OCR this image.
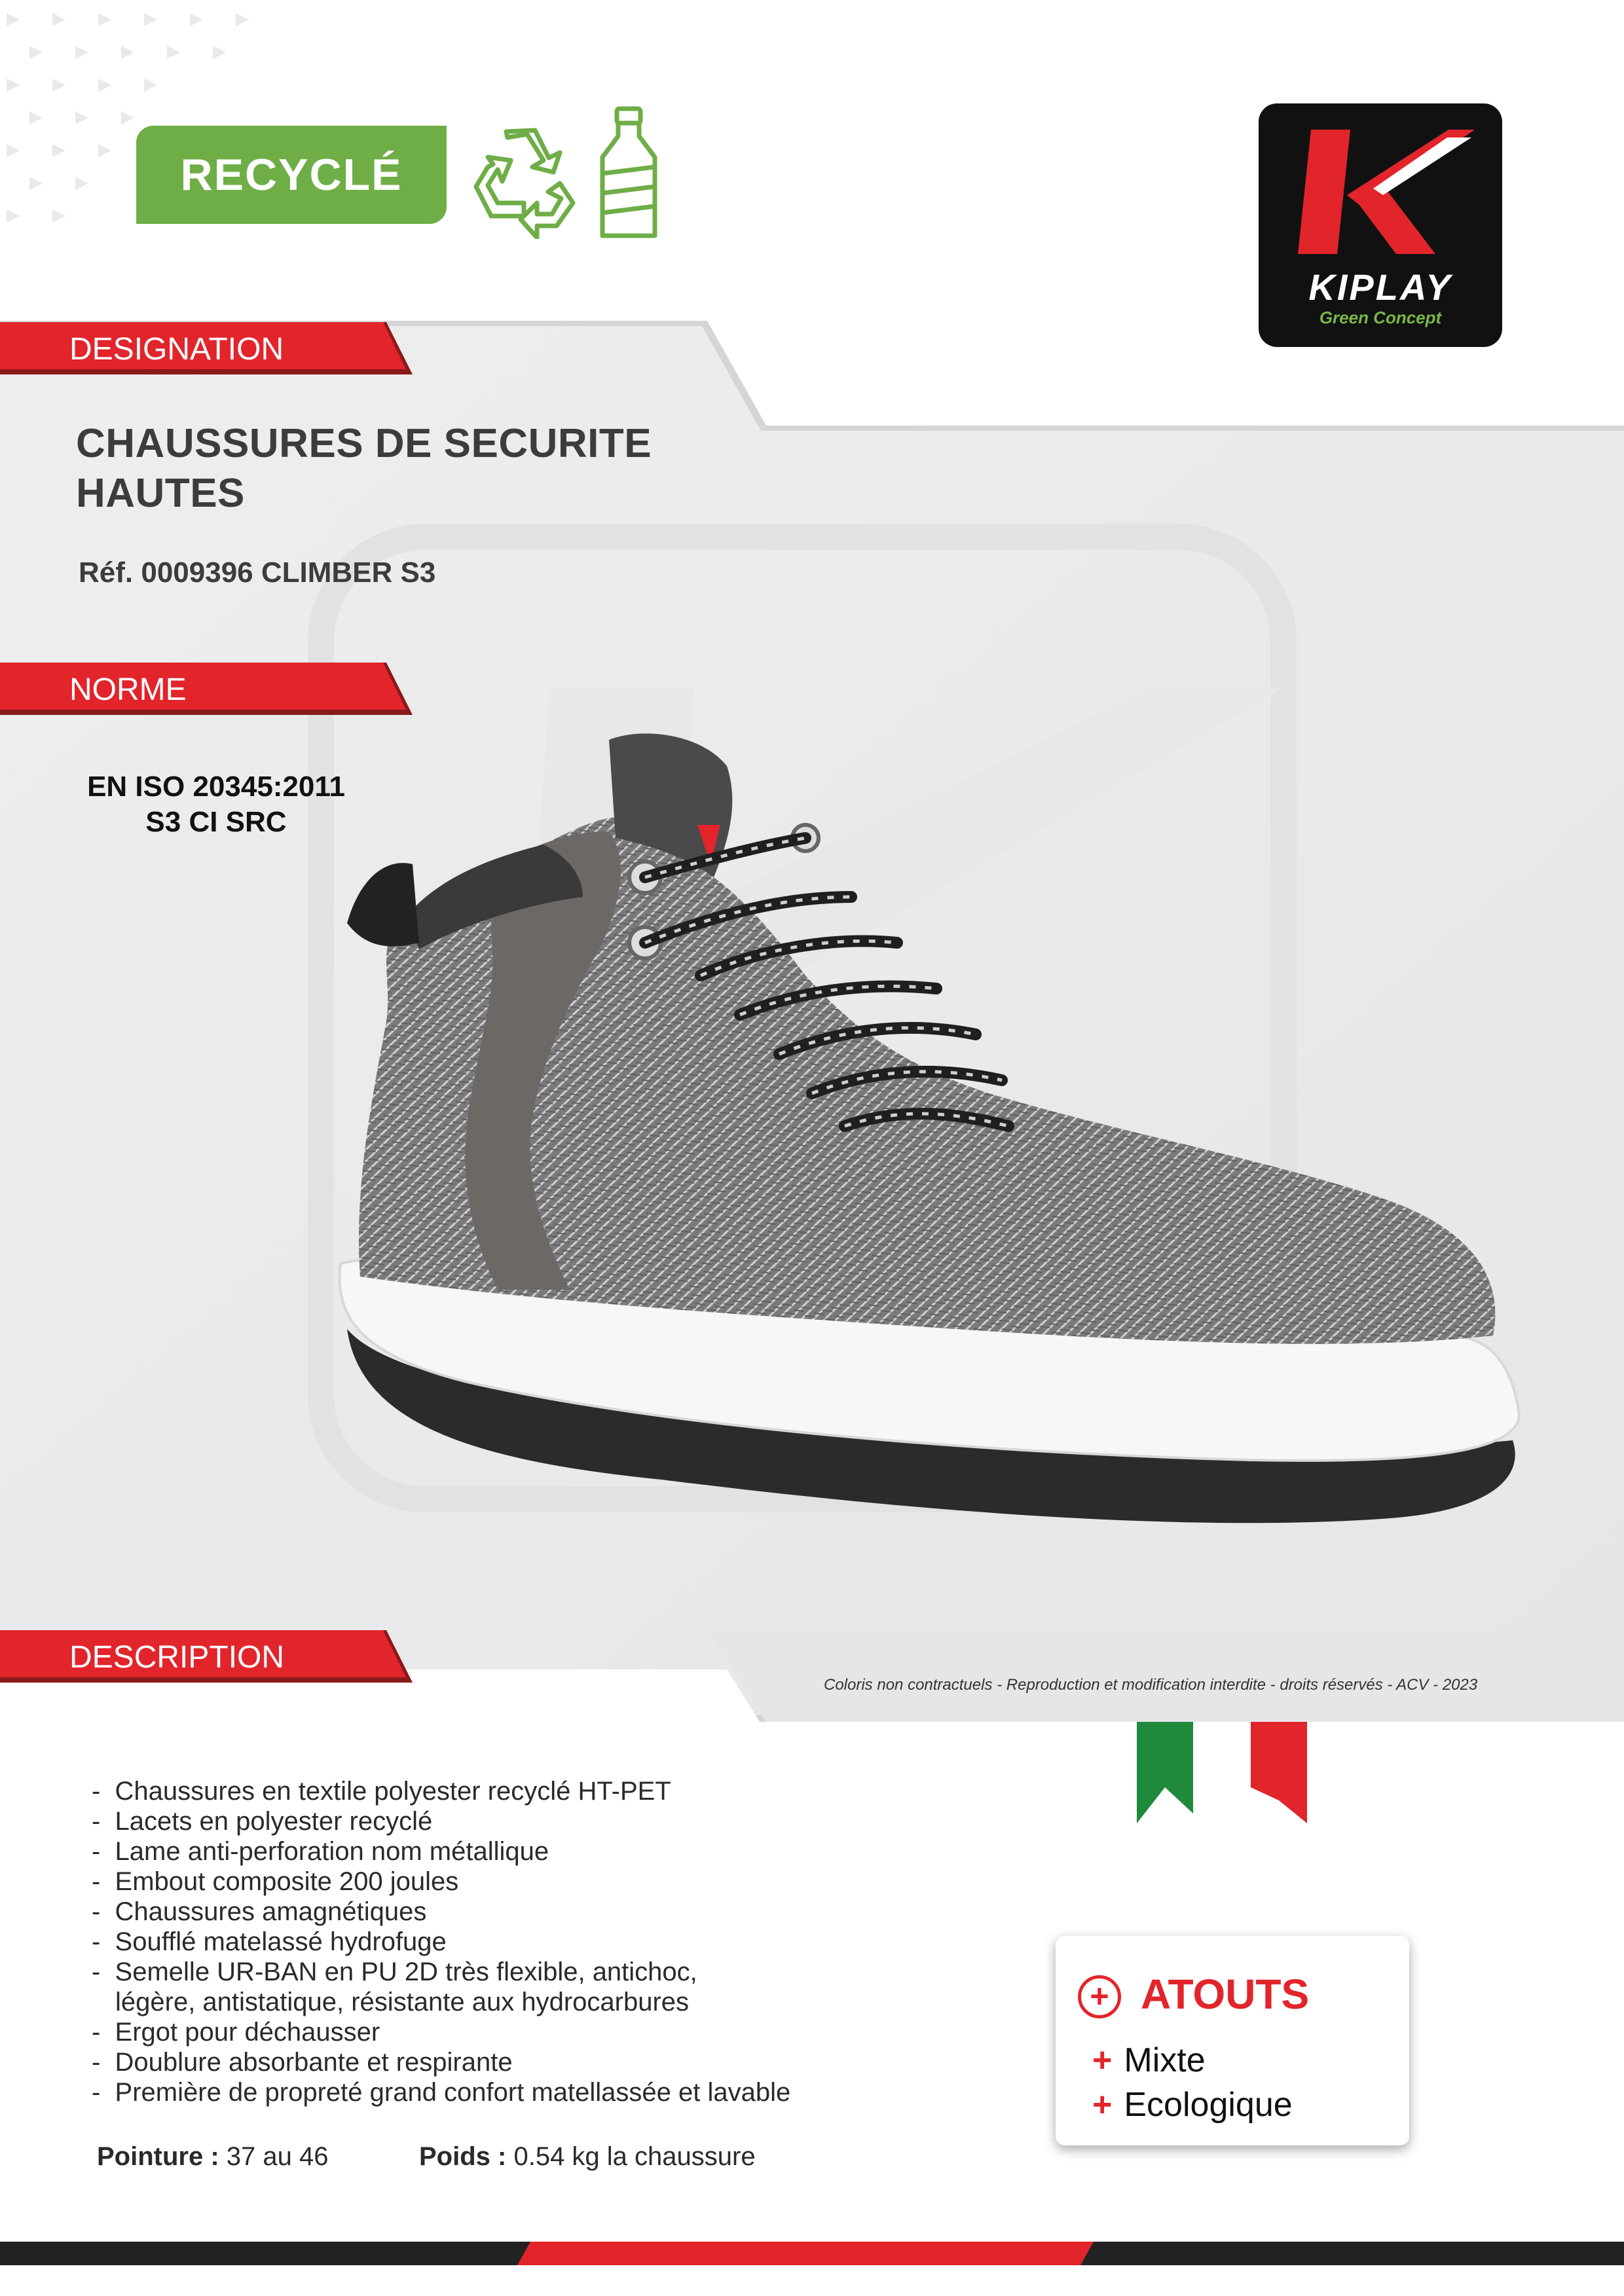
RECYCLÉ
KIPLAY
Green Concept
DESIGNATION
CHAUSSURES DE SECURITE
HAUTES
Réf. 0009396 CLIMBER S3
NORME
EN ISO 20345:2011
S3 CI SRC
DESCRIPTION
Coloris non contractuels - Reproduction et modification interdite - droits réservés - ACV - 2023
-  Chaussures en textile polyester recyclé HT-PET
-  Lacets en polyester recyclé
-  Lame anti-perforation nom métallique
-  Embout composite 200 joules
-  Chaussures amagnétiques
-  Soufflé matelassé hydrofuge
-  Semelle UR-BAN en PU 2D très flexible, antichoc,
légère, antistatique, résistante aux hydrocarbures
-  Ergot pour déchausser
-  Doublure absorbante et respirante
-  Première de propreté grand confort matellassée et lavable
Pointure : 37 au 46	Poids : 0.54 kg la chaussure
+ ATOUTS
+ Mixte
+ Ecologique
